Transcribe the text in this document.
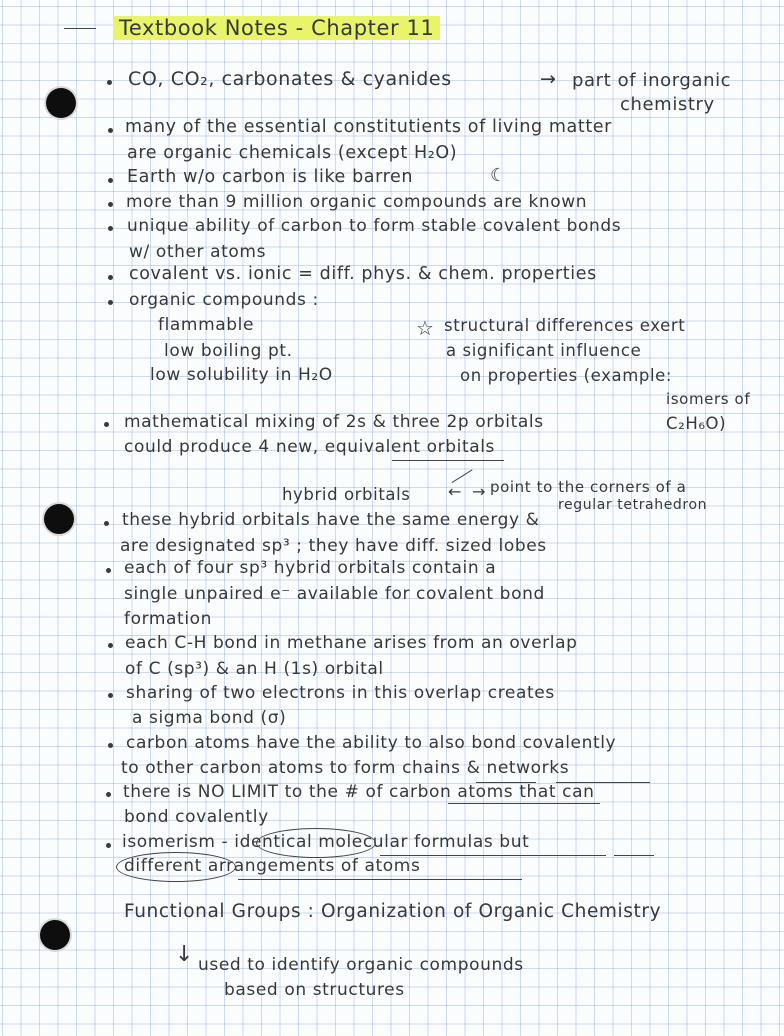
Textbook Notes - Chapter 11
CO, CO₂, carbonates & cyanides	→ part of inorganic
chemistry
many of the essential constitutients of living matter
are organic chemicals (except H₂O)
Earth w/o carbon is like barren	☾
more than 9 million organic compounds are known
unique ability of carbon to form stable covalent bonds
w/ other atoms
covalent vs. ionic = diff. phys. & chem. properties
organic compounds :
flammable
low boiling pt.
low solubility in H₂O
☆ structural differences exert
a significant influence
on properties (example:
isomers of
mathematical mixing of 2s & three 2p orbitals	C₂H₆O)
could produce 4 new, equivalent orbitals
hybrid orbitals ← → point to the corners of a
regular tetrahedron
these hybrid orbitals have the same energy &
are designated sp³ ; they have diff. sized lobes
each of four sp³ hybrid orbitals contain a
single unpaired e⁻ available for covalent bond
formation
each C-H bond in methane arises from an overlap
of C (sp³) & an H (1s) orbital
sharing of two electrons in this overlap creates
a sigma bond (σ)
carbon atoms have the ability to also bond covalently
to other carbon atoms to form chains & networks
there is NO LIMIT to the # of carbon atoms that can
bond covalently
isomerism - identical molecular formulas but
different arrangements of atoms
Functional Groups : Organization of Organic Chemistry
↓ used to identify organic compounds
based on structures
